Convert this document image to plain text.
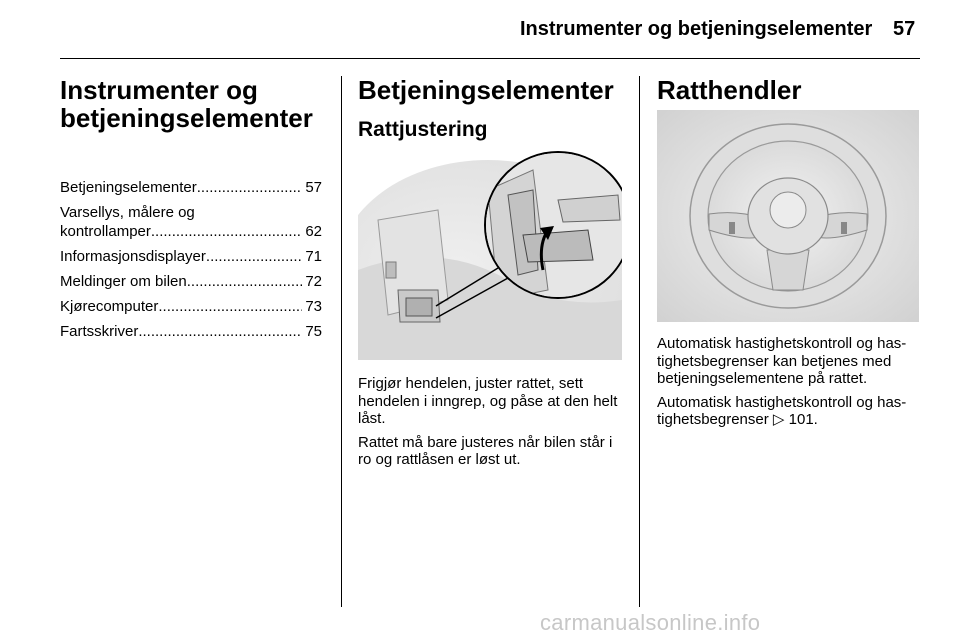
Instrumenter og betjeningselementer 57
Instrumenter og
betjeningselementer
Betjeningselementer .....	57
Varsellys, målere og
kontrollamper .....	62
Informasjonsdisplayer .....	71
Meldinger om bilen .....	72
Kjørecomputer .....	73
Fartsskriver .....	75
Betjeningselementer
Rattjustering

Frigjør hendelen, juster rattet, sett hendelen i inngrep, og påse at den helt låst.

Rattet må bare justeres når bilen står i ro og rattlåsen er løst ut.

Ratthendler

Automatisk hastighetskontroll og has- tighetsbegrenser kan betjenes med betjeningselementene på rattet.

Automatisk hastighetskontroll og has- tighetsbegrenser ▷ 101.

carmanualsonline.info
